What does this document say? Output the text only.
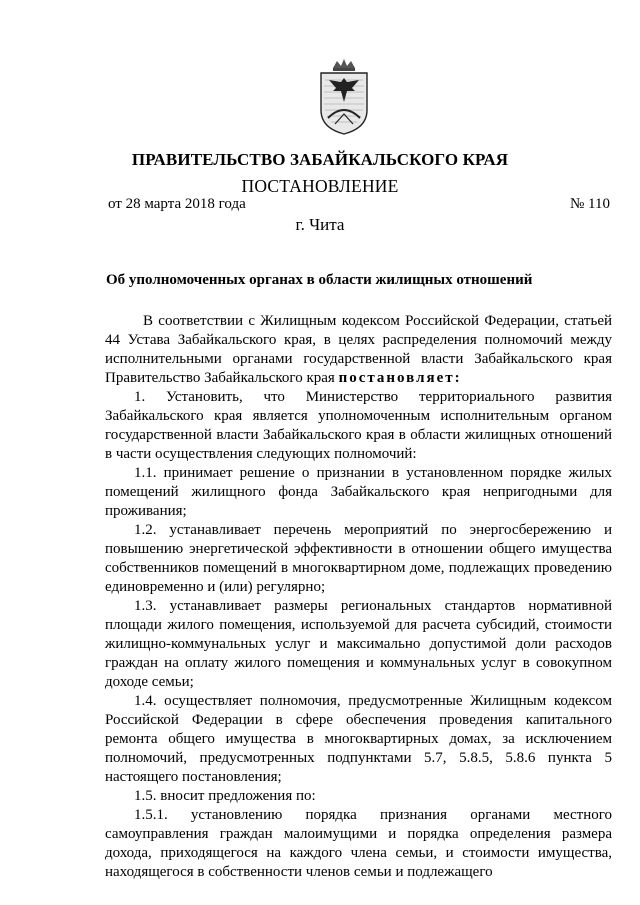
ПРАВИТЕЛЬСТВО ЗАБАЙКАЛЬСКОГО КРАЯ
ПОСТАНОВЛЕНИЕ
от 28 марта 2018 года	№ 110
г. Чита
Об уполномоченных органах в области жилищных отношений

В соответствии с Жилищным кодексом Российской Федерации, статьей 44 Устава Забайкальского края, в целях распределения полномочий между исполнительными органами государственной власти Забайкальского края Правительство Забайкальского края постановляет:

1. Установить, что Министерство территориального развития Забайкальского края является уполномоченным исполнительным органом государственной власти Забайкальского края в области жилищных отношений в части осуществления следующих полномочий:

1.1. принимает решение о признании в установленном порядке жилых помещений жилищного фонда Забайкальского края непригодными для проживания;

1.2. устанавливает перечень мероприятий по энергосбережению и повышению энергетической эффективности в отношении общего имущества собственников помещений в многоквартирном доме, подлежащих проведению единовременно и (или) регулярно;

1.3. устанавливает размеры региональных стандартов нормативной площади жилого помещения, используемой для расчета субсидий, стоимости жилищно-коммунальных услуг и максимально допустимой доли расходов граждан на оплату жилого помещения и коммунальных услуг в совокупном доходе семьи;

1.4. осуществляет полномочия, предусмотренные Жилищным кодексом Российской Федерации в сфере обеспечения проведения капитального ремонта общего имущества в многоквартирных домах, за исключением полномочий, предусмотренных подпунктами 5.7, 5.8.5, 5.8.6 пункта 5 настоящего постановления;

1.5. вносит предложения по:

1.5.1. установлению порядка признания органами местного самоуправления граждан малоимущими и порядка определения размера дохода, приходящегося на каждого члена семьи, и стоимости имущества, находящегося в собственности членов семьи и подлежащего
